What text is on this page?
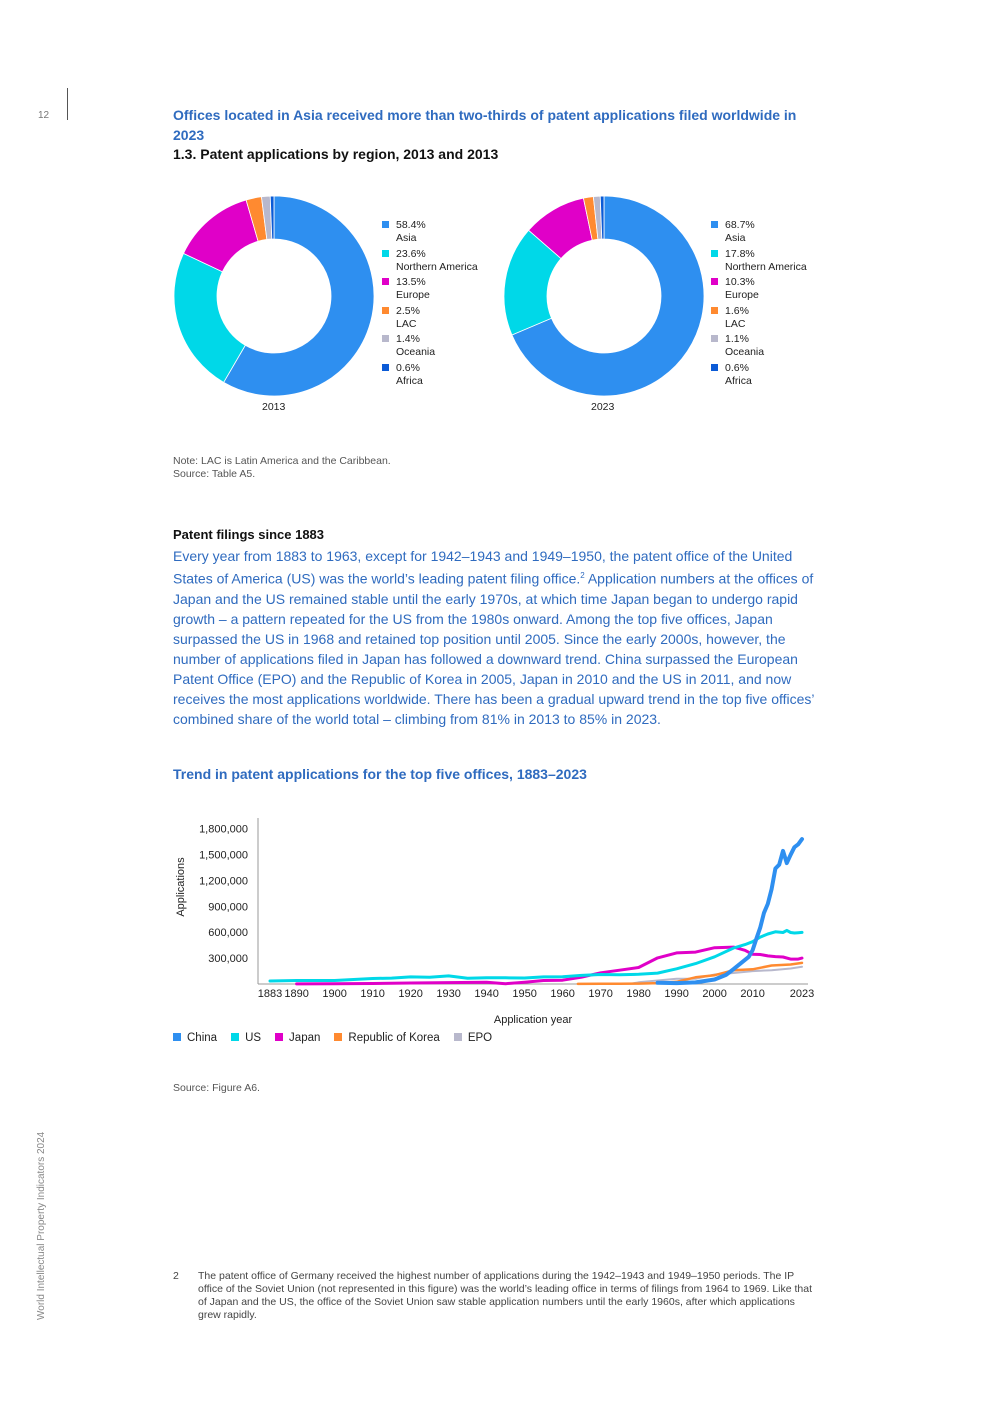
12
World Intellectual Property Indicators 2024
Offices located in Asia received more than two-thirds of patent applications filed worldwide in 2023
1.3. Patent applications by region, 2013 and 2013
2013	2023
58.4%
Asia
23.6%
Northern America
13.5%
Europe
2.5%
LAC
1.4%
Oceania
0.6%
Africa
68.7%
Asia
17.8%
Northern America
10.3%
Europe
1.6%
LAC
1.1%
Oceania
0.6%
Africa
Note: LAC is Latin America and the Caribbean.
Source: Table A5.
Patent filings since 1883
Every year from 1883 to 1963, except for 1942–1943 and 1949–1950, the patent office of the United States of America (US) was the world’s leading patent filing office.$^2$ Application numbers at the offices of Japan and the US remained stable until the early 1970s, at which time Japan began to undergo rapid growth – a pattern repeated for the US from the 1980s onward. Among the top five offices, Japan surpassed the US in 1968 and retained top position until 2005. Since the early 2000s, however, the number of applications filed in Japan has followed a downward trend. China surpassed the European Patent Office (EPO) and the Republic of Korea in 2005, Japan in 2010 and the US in 2011, and now receives the most applications worldwide. There has been a gradual upward trend in the top five offices’ combined share of the world total – climbing from 81% in 2013 to 85% in 2023.
Trend in patent applications for the top five offices, 1883–2023
300,000
600,000
900,000
1,200,000
1,500,000
1,800,000
1883 1890 1900 1910 1920 1930 1940 1950 1960 1970 1980 1990 2000 2010 2023
Applications
Application year
China US Japan Republic of Korea EPO
Source: Figure A6.
2 The patent office of Germany received the highest number of applications during the 1942–1943 and 1949–1950 periods. The IP office of the Soviet Union (not represented in this figure) was the world’s leading office in terms of filings from 1964 to 1969. Like that of Japan and the US, the office of the Soviet Union saw stable application numbers until the early 1960s, after which applications grew rapidly.
